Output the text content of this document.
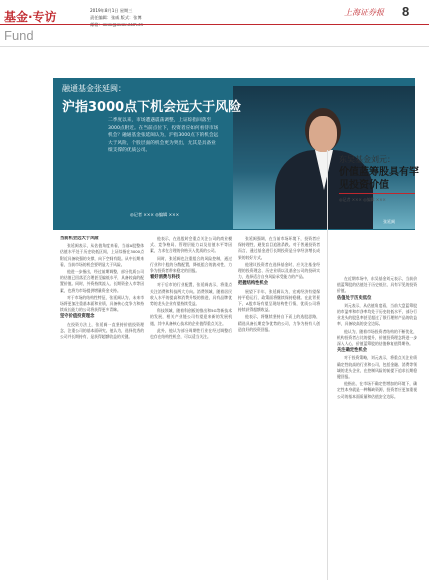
基金·专访
Fund
2019年8月1日 星期三
责任编辑：张威 版式：张博
上海证券报 8
张延闽
融通基金张延闽：
沪指3000点下机会远大于风险
二季度以来，市场遭遇震荡调整，上证综指回落至3000点附近。在当前点位下，投资者应如何看待市场机会？融通基金张延闽认为，沪指3000点下的机会远大于风险，个股层面的机会更为突出，尤其是具备业绩支撑的优质公司。
◎记者 ××× ◎编辑 ×××

当前机会远大于风险

张延闽表示，从估值角度来看，当前A股整体估值水平处于历史较低区间，上证综指在3000点附近具备较强的支撑，向下空间有限。从中长期来看，当前市场的机会要明显大于风险。

他进一步指出，经过前期调整，部分优质公司的估值已回落至合理甚至偏低水平，具备较高的配置价值。同时，外资持续流入、长期资金入市等因素，也将为市场提供增量资金支持。

对于市场的结构性特征，张延闽认为，未来市场将更加注重基本面和业绩，具备核心竞争力和持续成长能力的公司将获得更多青睐。

坚守价值投资理念

在投资方法上，张延闽一直坚持价值投资理念，注重公司的基本面研究。他认为，选择优秀的公司并长期持有，是获得超额收益的关键。

他表示，在选股时会重点关注公司的商业模式、竞争格局、管理层能力以及估值水平等因素，力求在合理的价格买入优质的公司。

同时，张延闽也注重组合的风险控制，通过行业和个股的分散配置，降低组合的波动性，力争为投资者带来稳定的回报。

看好消费与科技

对于后市的行业配置，张延闽表示，将重点关注消费和科技两大方向。消费领域，随着居民收入水平的提高和消费升级的推进，具有品牌优势的龙头企业有望持续受益。

科技领域，随着科创板的推出和5G等新技术的发展，相关产业链公司有望迎来新的发展机遇，其中具备核心技术的企业值得重点关注。

此外，他认为部分周期性行业在经过调整后也存在结构性机会，可以适当关注。

张延闽强调，在当前市场环境下，投资者应保持理性，避免盲目追涨杀跌。对于普通投资者而言，通过基金进行长期投资是分享经济增长成果的较好方式。

他建议投资者在选择基金时，应关注基金经理的投资理念、历史业绩以及基金公司的投研实力，选择适合自身风险承受能力的产品。

把握结构性机会

展望下半年，张延闽认为，宏观经济有望保持平稳运行，政策面将继续保持稳健。在此背景下，A股市场有望呈现结构性行情，优质公司将持续获得超额收益。

他表示，将继续坚持自下而上的选股思路，精选具备长期竞争优势的公司，力争为持有人创造良好的投资回报。

东吴基金刘元：
价值蓝筹股具有罕见投资价值
◎记者 ××× ◎编辑 ×××

在近期市场中，东吴基金刘元表示，当前价值蓝筹股的估值处于历史低位，具有罕见的投资价值。

估值处于历史低位

刘元表示，从估值角度看，当前大盘蓝筹股的市盈率和市净率均处于历史较低水平，部分行业龙头的股息率甚至超过了银行理财产品的收益率，具备较高的安全边际。

他认为，随着市场投资者结构的不断优化，机构投资者占比的提升，价值投资理念将进一步深入人心，价值蓝筹股的估值修复值得期待。

关注确定性机会

对于投资策略，刘元表示，将重点关注业绩确定性较高的行业和公司，包括金融、消费等领域的龙头企业，在控制风险的前提下追求长期稳健回报。

他指出，在市场不确定性增加的环境下，确定性本身就是一种稀缺资源，投资者应更加重视公司的基本面质量和估值安全边际。
